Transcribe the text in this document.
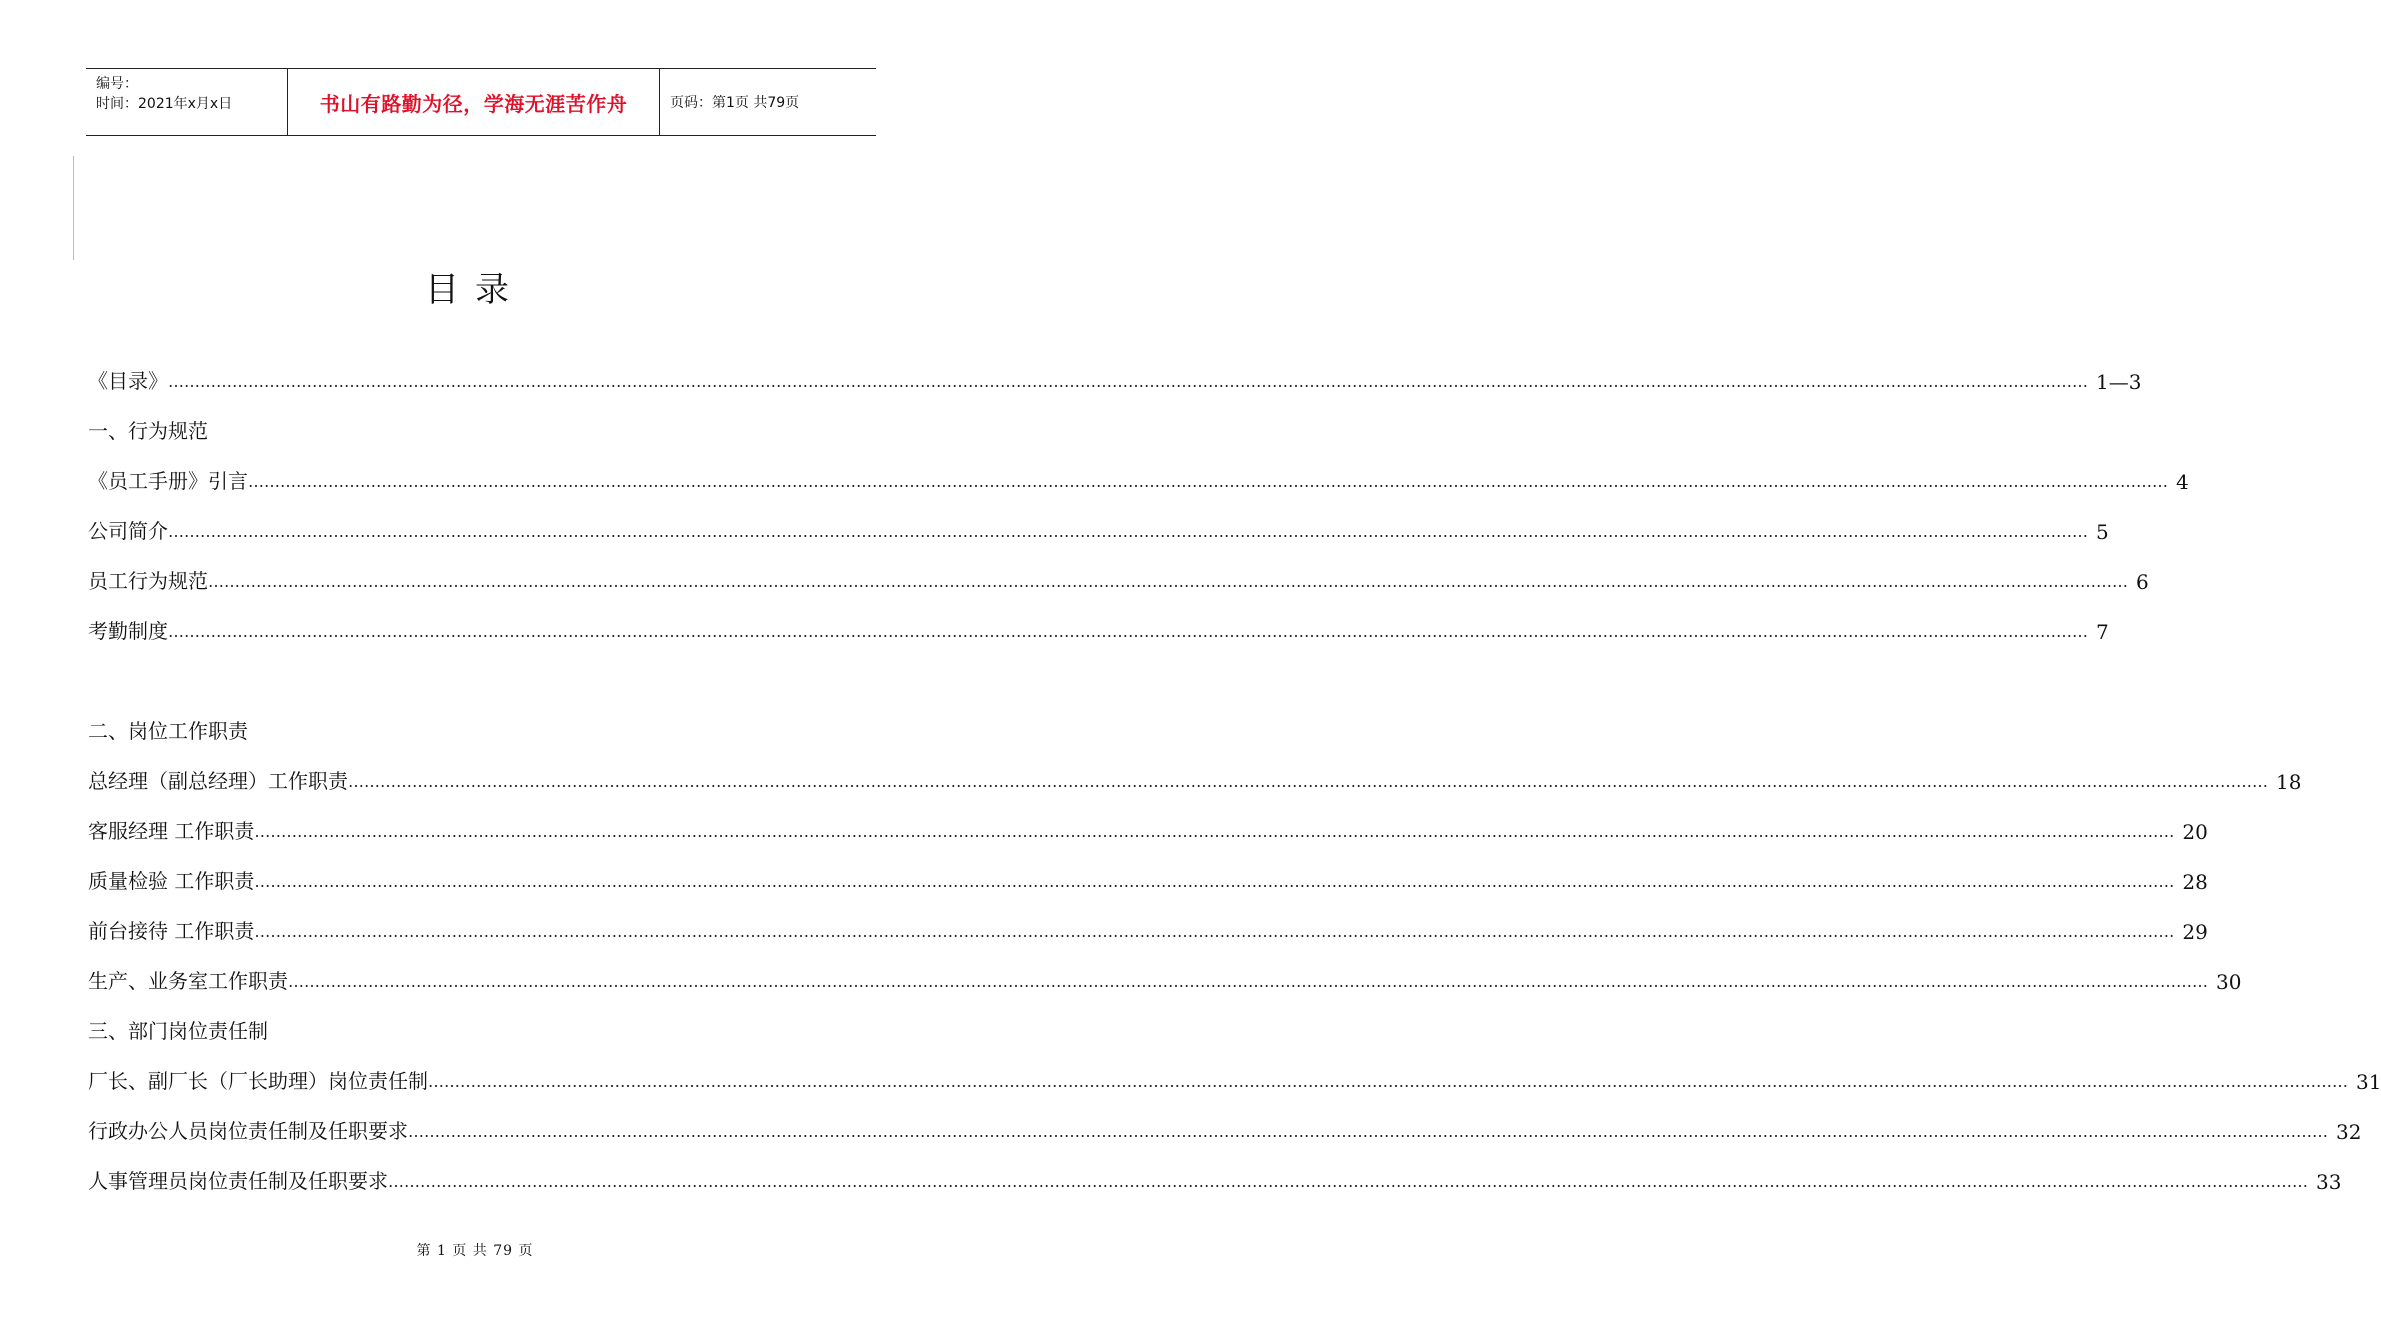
编号：
时间：2021年x月x日	书山有路勤为径，学海无涯苦作舟	页码：第1页 共79页
目录
《目录》 ……………………………………………………………………………………………………………………………………………………………………………………………………………………………………………………………………………………………………………………………… 1—3
一、行为规范
《员工手册》引言 ……………………………………………………………………………………………………………………………………………………………………………………………………………………………………………………………………………………………………………………………… 4
公司简介 ……………………………………………………………………………………………………………………………………………………………………………………………………………………………………………………………………………………………………………………………… 5
员工行为规范 ……………………………………………………………………………………………………………………………………………………………………………………………………………………………………………………………………………………………………………………………… 6
考勤制度 ……………………………………………………………………………………………………………………………………………………………………………………………………………………………………………………………………………………………………………………………… 7
二、岗位工作职责
总经理（副总经理）工作职责 ……………………………………………………………………………………………………………………………………………………………………………………………………………………………………………………………………………………………………………………………… 18
客服经理 工作职责 ……………………………………………………………………………………………………………………………………………………………………………………………………………………………………………………………………………………………………………………………… 20
质量检验 工作职责 ……………………………………………………………………………………………………………………………………………………………………………………………………………………………………………………………………………………………………………………………… 28
前台接待 工作职责 ……………………………………………………………………………………………………………………………………………………………………………………………………………………………………………………………………………………………………………………………… 29
生产、业务室工作职责 ……………………………………………………………………………………………………………………………………………………………………………………………………………………………………………………………………………………………………………………………… 30
三、部门岗位责任制
厂长、副厂长（厂长助理）岗位责任制 ……………………………………………………………………………………………………………………………………………………………………………………………………………………………………………………………………………………………………………………………… 31
行政办公人员岗位责任制及任职要求 ……………………………………………………………………………………………………………………………………………………………………………………………………………………………………………………………………………………………………………………………… 32
人事管理员岗位责任制及任职要求 ……………………………………………………………………………………………………………………………………………………………………………………………………………………………………………………………………………………………………………………………… 33
第 1 页 共 79 页
